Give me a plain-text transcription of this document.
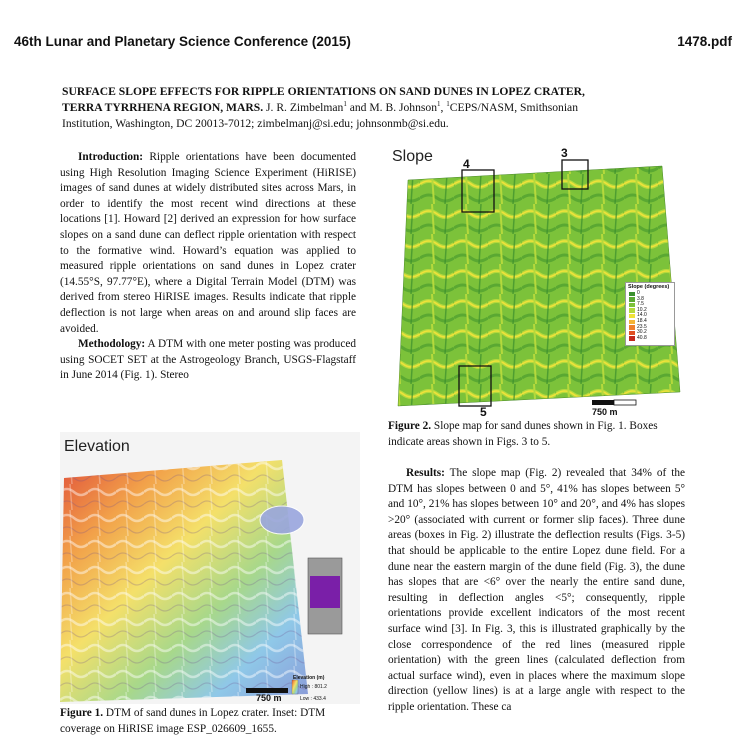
46th Lunar and Planetary Science Conference (2015)	1478.pdf
SURFACE SLOPE EFFECTS FOR RIPPLE ORIENTATIONS ON SAND DUNES IN LOPEZ CRATER,
TERRA TYRRHENA REGION, MARS. J. R. Zimbelman$^1$ and M. B. Johnson$^1$, $^1$CEPS/NASM, Smithsonian
Institution, Washington, DC 20013-7012; zimbelmanj@si.edu; johnsonmb@si.edu.

Introduction: Ripple orientations have been documented using High Resolution Imaging Science Experiment (HiRISE) images of sand dunes at widely distributed sites across Mars, in order to identify the most recent wind directions at these locations [1]. Howard [2] derived an expression for how surface slopes on a sand dune can deflect ripple orientation with respect to the formative wind. Howard’s equation was applied to measured ripple orientations on sand dunes in Lopez crater (14.55°S, 97.77°E), where a Digital Terrain Model (DTM) was derived from stereo HiRISE images. Results indicate that ripple deflection is not large when areas on and around slip faces are avoided.

Methodology: A DTM with one meter posting was produced using SOCET SET at the Astrogeology Branch, USGS-Flagstaff in June 2014 (Fig. 1). Stereo

Slope	4
3
5	750 m
Slope (degrees)
0
3.8
7.5
10.2
14.0
18.4
23.5
30.2
40.8
Figure 2. Slope map for sand dunes shown in Fig. 1. Boxes indicate areas shown in Figs. 3 to 5.
Elevation
750 m
Elevation (m)
High : 801.2
Low : 433.4
Figure 1. DTM of sand dunes in Lopez crater. Inset: DTM coverage on HiRISE image ESP_026609_1655.

Results: The slope map (Fig. 2) revealed that 34% of the DTM has slopes between 0 and 5°, 41% has slopes between 5° and 10°, 21% has slopes between 10° and 20°, and 4% has slopes >20° (associated with current or former slip faces). Three dune areas (boxes in Fig. 2) illustrate the deflection results (Figs. 3-5) that should be applicable to the entire Lopez dune field. For a dune near the eastern margin of the dune field (Fig. 3), the dune has slopes that are <6° over the nearly the entire sand dune, resulting in deflection angles <5°; consequently, ripple orientations provide excellent indicators of the most recent surface wind [3]. In Fig. 3, this is illustrated graphically by the close correspondence of the red lines (measured ripple orientation) with the green lines (calculated deflection from actual surface wind), even in places where the maximum slope direction (yellow lines) is at a large angle with respect to the ripple orientation. These ca
